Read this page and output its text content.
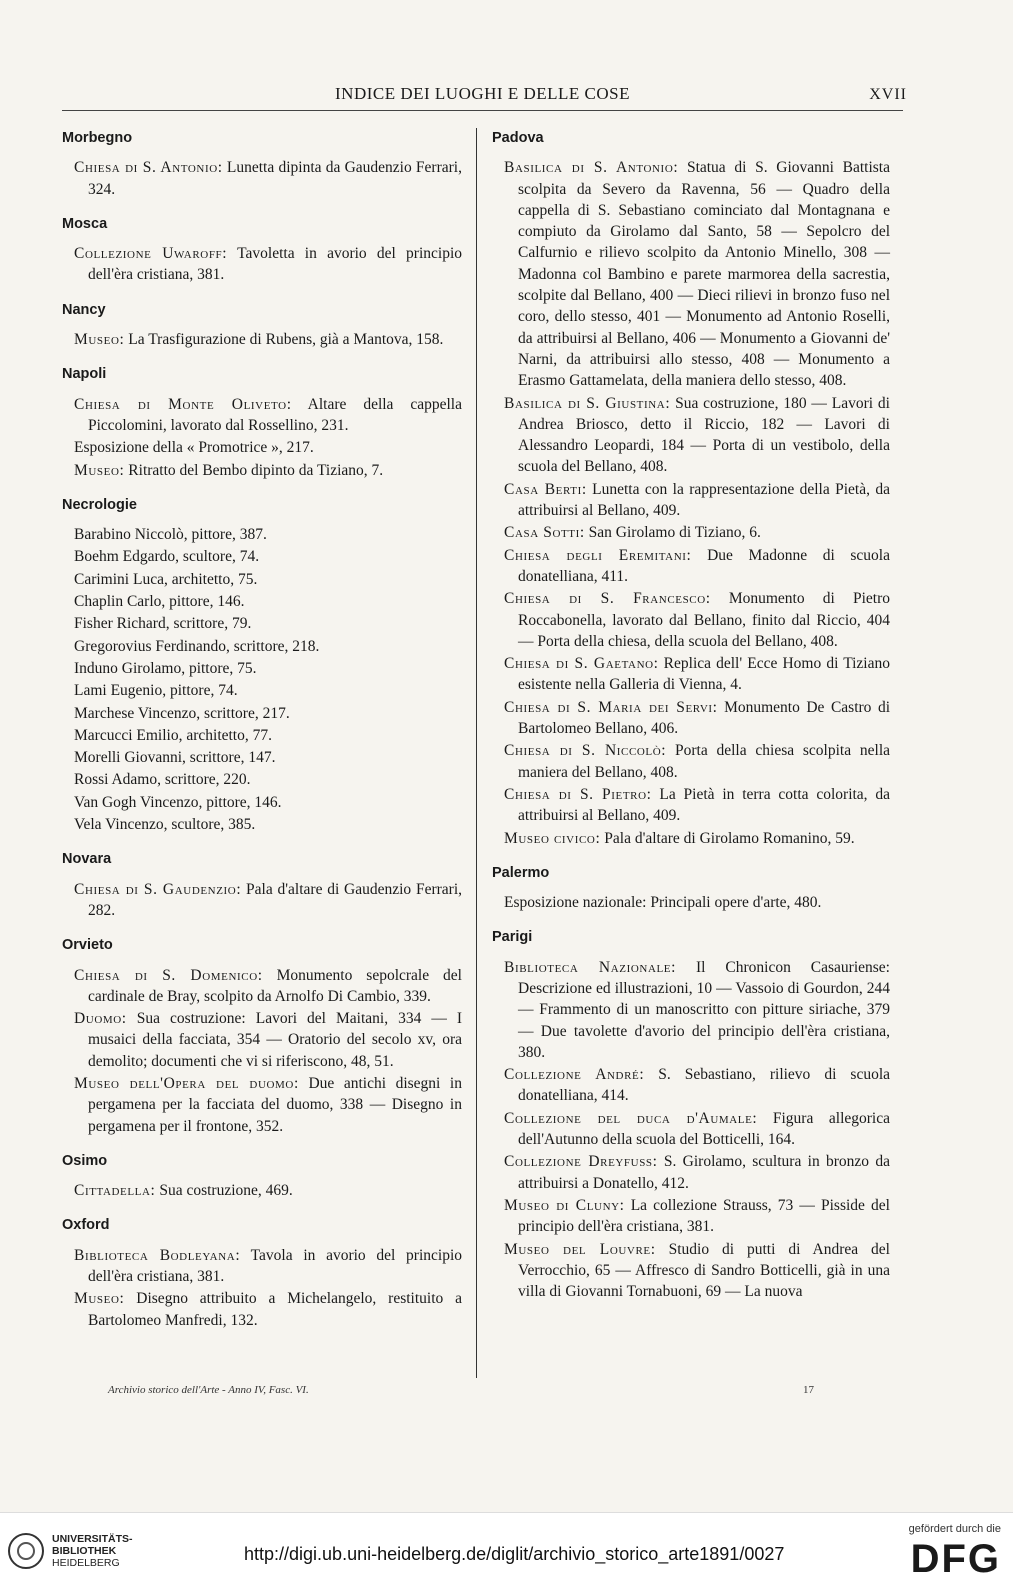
INDICE DEI LUOGHI E DELLE COSE	XVII
Morbegno

Chiesa di S. Antonio: Lunetta dipinta da Gaudenzio Ferrari, 324.

Mosca

Collezione Uwaroff: Tavoletta in avorio del principio dell'èra cristiana, 381.

Nancy

Museo: La Trasfigurazione di Rubens, già a Mantova, 158.

Napoli

Chiesa di Monte Oliveto: Altare della cappella Piccolomini, lavorato dal Rossellino, 231.

Esposizione della « Promotrice », 217.

Museo: Ritratto del Bembo dipinto da Tiziano, 7.

Necrologie

Barabino Niccolò, pittore, 387.

Boehm Edgardo, scultore, 74.

Carimini Luca, architetto, 75.

Chaplin Carlo, pittore, 146.

Fisher Richard, scrittore, 79.

Gregorovius Ferdinando, scrittore, 218.

Induno Girolamo, pittore, 75.

Lami Eugenio, pittore, 74.

Marchese Vincenzo, scrittore, 217.

Marcucci Emilio, architetto, 77.

Morelli Giovanni, scrittore, 147.

Rossi Adamo, scrittore, 220.

Van Gogh Vincenzo, pittore, 146.

Vela Vincenzo, scultore, 385.

Novara

Chiesa di S. Gaudenzio: Pala d'altare di Gaudenzio Ferrari, 282.

Orvieto

Chiesa di S. Domenico: Monumento sepolcrale del cardinale de Bray, scolpito da Arnolfo Di Cambio, 339.

Duomo: Sua costruzione: Lavori del Maitani, 334 — I musaici della facciata, 354 — Oratorio del secolo xv, ora demolito; documenti che vi si riferiscono, 48, 51.

Museo dell'Opera del duomo: Due antichi disegni in pergamena per la facciata del duomo, 338 — Disegno in pergamena per il frontone, 352.

Osimo

Cittadella: Sua costruzione, 469.

Oxford

Biblioteca Bodleyana: Tavola in avorio del principio dell'èra cristiana, 381.

Museo: Disegno attribuito a Michelangelo, restituito a Bartolomeo Manfredi, 132.

Padova

Basilica di S. Antonio: Statua di S. Giovanni Battista scolpita da Severo da Ravenna, 56 — Quadro della cappella di S. Sebastiano cominciato dal Montagnana e compiuto da Girolamo dal Santo, 58 — Sepolcro del Calfurnio e rilievo scolpito da Antonio Minello, 308 — Madonna col Bambino e parete marmorea della sacrestia, scolpite dal Bellano, 400 — Dieci rilievi in bronzo fuso nel coro, dello stesso, 401 — Monumento ad Antonio Roselli, da attribuirsi al Bellano, 406 — Monumento a Giovanni de' Narni, da attribuirsi allo stesso, 408 — Monumento a Erasmo Gattamelata, della maniera dello stesso, 408.

Basilica di S. Giustina: Sua costruzione, 180 — Lavori di Andrea Briosco, detto il Riccio, 182 — Lavori di Alessandro Leopardi, 184 — Porta di un vestibolo, della scuola del Bellano, 408.

Casa Berti: Lunetta con la rappresentazione della Pietà, da attribuirsi al Bellano, 409.

Casa Sotti: San Girolamo di Tiziano, 6.

Chiesa degli Eremitani: Due Madonne di scuola donatelliana, 411.

Chiesa di S. Francesco: Monumento di Pietro Roccabonella, lavorato dal Bellano, finito dal Riccio, 404 — Porta della chiesa, della scuola del Bellano, 408.

Chiesa di S. Gaetano: Replica dell' Ecce Homo di Tiziano esistente nella Galleria di Vienna, 4.

Chiesa di S. Maria dei Servi: Monumento De Castro di Bartolomeo Bellano, 406.

Chiesa di S. Niccolò: Porta della chiesa scolpita nella maniera del Bellano, 408.

Chiesa di S. Pietro: La Pietà in terra cotta colorita, da attribuirsi al Bellano, 409.

Museo civico: Pala d'altare di Girolamo Romanino, 59.

Palermo

Esposizione nazionale: Principali opere d'arte, 480.

Parigi

Biblioteca Nazionale: Il Chronicon Casauriense: Descrizione ed illustrazioni, 10 — Vassoio di Gourdon, 244 — Frammento di un manoscritto con pitture siriache, 379 — Due tavolette d'avorio del principio dell'èra cristiana, 380.

Collezione André: S. Sebastiano, rilievo di scuola donatelliana, 414.

Collezione del duca d'Aumale: Figura allegorica dell'Autunno della scuola del Botticelli, 164.

Collezione Dreyfuss: S. Girolamo, scultura in bronzo da attribuirsi a Donatello, 412.

Museo di Cluny: La collezione Strauss, 73 — Pisside del principio dell'èra cristiana, 381.

Museo del Louvre: Studio di putti di Andrea del Verrocchio, 65 — Affresco di Sandro Botticelli, già in una villa di Giovanni Tornabuoni, 69 — La nuova

Archivio storico dell'Arte - Anno IV, Fasc. VI.	17
UNIVERSITÄTS-
BIBLIOTHEK
HEIDELBERG	http://digi.ub.uni-heidelberg.de/diglit/archivio_storico_arte1891/0027
gefördert durch die
DFG
